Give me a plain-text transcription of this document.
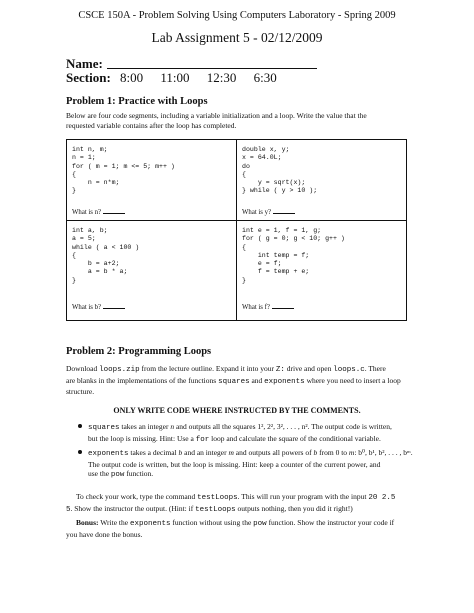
CSCE 150A - Problem Solving Using Computers Laboratory - Spring 2009
Lab Assignment 5 - 02/12/2009
Name:
Section: 8:00 11:00 12:30 6:30
Problem 1: Practice with Loops
Below are four code segments, including a variable initialization and a loop. Write the value that the
requested variable contains after the loop has completed.
int n, m;
n = 1;
for ( m = 1; m <= 5; m++ )
{
n = n*m;
}
What is n?
double x, y;
x = 64.0L;
do
{
y = sqrt(x);
} while ( y > 10 );
What is y?
int a, b;
a = 5;
while ( a < 100 )
{
b = a+2;
a = b * a;
}
What is b?
int e = 1, f = 1, g;
for ( g = 0; g < 10; g++ )
{
int temp = f;
e = f;
f = temp + e;
}
What is f?
Problem 2: Programming Loops
Download loops.zip from the lecture outline. Expand it into your Z: drive and open loops.c. There
are blanks in the implementations of the functions squares and exponents where you need to insert a loop
structure.
ONLY WRITE CODE WHERE INSTRUCTED BY THE COMMENTS.
squares takes an integer n and outputs all the squares 1², 2², 3², . . . , n². The output code is written,
but the loop is missing. Hint: Use a for loop and calculate the square of the conditional variable.
exponents takes a decimal b and an integer m and outputs all powers of b from 0 to m: b⁰, b¹, b², . . . , bᵐ.
The output code is written, but the loop is missing. Hint: keep a counter of the current power, and
use the pow function.
To check your work, type the command testLoops. This will run your program with the input 20 2.5
5. Show the instructor the output. (Hint: if testLoops outputs nothing, then you did it right!)
Bonus: Write the exponents function without using the pow function. Show the instructor your code if
you have done the bonus.
